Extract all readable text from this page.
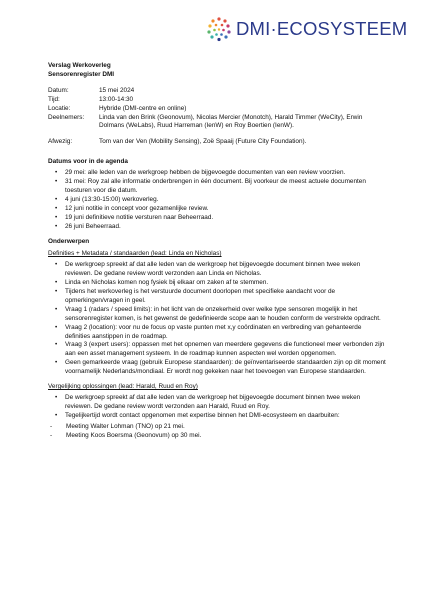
DMI·ECOSYSTEEM
Verslag Werkoverleg
Sensorenregister DMI
Datum:	15 mei 2024
Tijd:	13:00-14:30
Locatie:	Hybride (DMI-centre en online)
Deelnemers:	Linda van den Brink (Geonovum), Nicolas Mercier (Monotch), Harald Timmer (WeCity), Erwin Dolmans (WeLabs), Ruud Harreman (IenW) en Roy Boertien (IenW).
Afwezig:	Tom van der Ven (Mobility Sensing), Zoë Spaaij (Future City Foundation).
Datums voor in de agenda
• 29 mei: alle leden van de werkgroep hebben de bijgevoegde documenten van een review voorzien.
• 31 mei: Roy zal alle informatie onderbrengen in één document. Bij voorkeur de meest actuele documenten toesturen voor die datum.
• 4 juni (13:30-15:00) werkoverleg.
• 12 juni notitie in concept voor gezamenlijke review.
• 19 juni definitieve notitie versturen naar Beheerraad.
• 26 juni Beheerraad.
Onderwerpen
Definities + Metadata / standaarden (lead: Linda en Nicholas)
• De werkgroep spreekt af dat alle leden van de werkgroep het bijgevoegde document binnen twee weken reviewen. De gedane review wordt verzonden aan Linda en Nicholas.
• Linda en Nicholas komen nog fysiek bij elkaar om zaken af te stemmen.
• Tijdens het werkoverleg is het verstuurde document doorlopen met specifieke aandacht voor de opmerkingen/vragen in geel.
• Vraag 1 (radars / speed limits): in het licht van de onzekerheid over welke type sensoren mogelijk in het sensorenregister komen, is het gewenst de gedefinieerde scope aan te houden conform de verstrekte opdracht.
• Vraag 2 (location): voor nu de focus op vaste punten met x,y coördinaten en verbreding van gehanteerde definities aanstippen in de roadmap.
• Vraag 3 (expert users): oppassen met het opnemen van meerdere gegevens die functioneel meer verbonden zijn aan een asset management systeem. In de roadmap kunnen aspecten wel worden opgenomen.
• Geen gemarkeerde vraag (gebruik Europese standaarden): de geïnventariseerde standaarden zijn op dit moment voornamelijk Nederlands/mondiaal. Er wordt nog gekeken naar het toevoegen van Europese standaarden.
Vergelijking oplossingen (lead: Harald, Ruud en Roy)
• De werkgroep spreekt af dat alle leden van de werkgroep het bijgevoegde document binnen twee weken reviewen. De gedane review wordt verzonden aan Harald, Ruud en Roy.
• Tegelijkertijd wordt contact opgenomen met expertise binnen het DMI-ecosysteem en daarbuiten:
- Meeting Walter Lohman (TNO) op 21 mei.
- Meeting Koos Boersma (Geonovum) op 30 mei.
